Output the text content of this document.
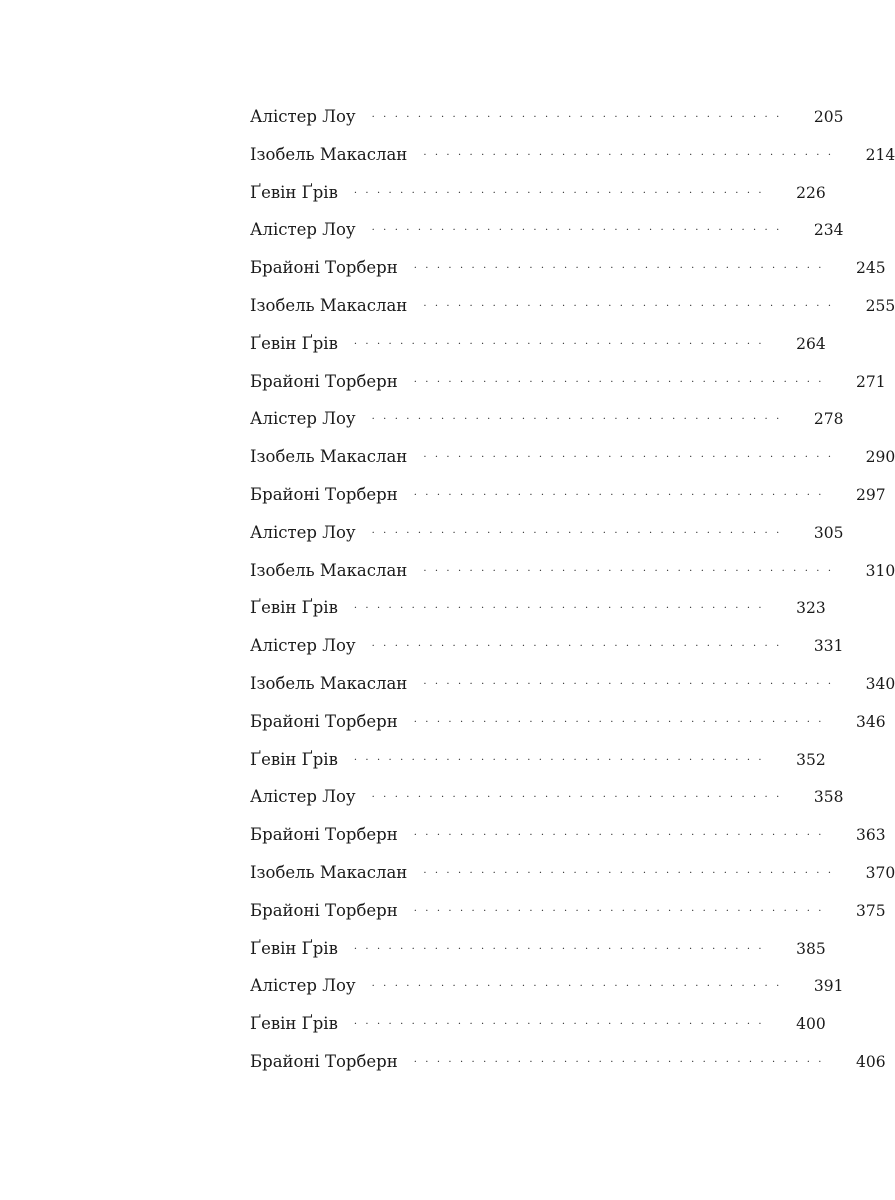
Алістер Лоу · · · · · · · · · · · · · · · · · · · · · · · · · · · · · · · · · · · · 205
Ізобель Макаслан · · · · · · · · · · · · · · · · · · · · · · · · · · · · · · · · · · · · 214
Ґевін Ґрів · · · · · · · · · · · · · · · · · · · · · · · · · · · · · · · · · · · · 226
Алістер Лоу · · · · · · · · · · · · · · · · · · · · · · · · · · · · · · · · · · · · 234
Брайоні Торберн · · · · · · · · · · · · · · · · · · · · · · · · · · · · · · · · · · · · 245
Ізобель Макаслан · · · · · · · · · · · · · · · · · · · · · · · · · · · · · · · · · · · · 255
Ґевін Ґрів · · · · · · · · · · · · · · · · · · · · · · · · · · · · · · · · · · · · 264
Брайоні Торберн · · · · · · · · · · · · · · · · · · · · · · · · · · · · · · · · · · · · 271
Алістер Лоу · · · · · · · · · · · · · · · · · · · · · · · · · · · · · · · · · · · · 278
Ізобель Макаслан · · · · · · · · · · · · · · · · · · · · · · · · · · · · · · · · · · · · 290
Брайоні Торберн · · · · · · · · · · · · · · · · · · · · · · · · · · · · · · · · · · · · 297
Алістер Лоу · · · · · · · · · · · · · · · · · · · · · · · · · · · · · · · · · · · · 305
Ізобель Макаслан · · · · · · · · · · · · · · · · · · · · · · · · · · · · · · · · · · · · 310
Ґевін Ґрів · · · · · · · · · · · · · · · · · · · · · · · · · · · · · · · · · · · · 323
Алістер Лоу · · · · · · · · · · · · · · · · · · · · · · · · · · · · · · · · · · · · 331
Ізобель Макаслан · · · · · · · · · · · · · · · · · · · · · · · · · · · · · · · · · · · · 340
Брайоні Торберн · · · · · · · · · · · · · · · · · · · · · · · · · · · · · · · · · · · · 346
Ґевін Ґрів · · · · · · · · · · · · · · · · · · · · · · · · · · · · · · · · · · · · 352
Алістер Лоу · · · · · · · · · · · · · · · · · · · · · · · · · · · · · · · · · · · · 358
Брайоні Торберн · · · · · · · · · · · · · · · · · · · · · · · · · · · · · · · · · · · · 363
Ізобель Макаслан · · · · · · · · · · · · · · · · · · · · · · · · · · · · · · · · · · · · 370
Брайоні Торберн · · · · · · · · · · · · · · · · · · · · · · · · · · · · · · · · · · · · 375
Ґевін Ґрів · · · · · · · · · · · · · · · · · · · · · · · · · · · · · · · · · · · · 385
Алістер Лоу · · · · · · · · · · · · · · · · · · · · · · · · · · · · · · · · · · · · 391
Ґевін Ґрів · · · · · · · · · · · · · · · · · · · · · · · · · · · · · · · · · · · · 400
Брайоні Торберн · · · · · · · · · · · · · · · · · · · · · · · · · · · · · · · · · · · · 406
